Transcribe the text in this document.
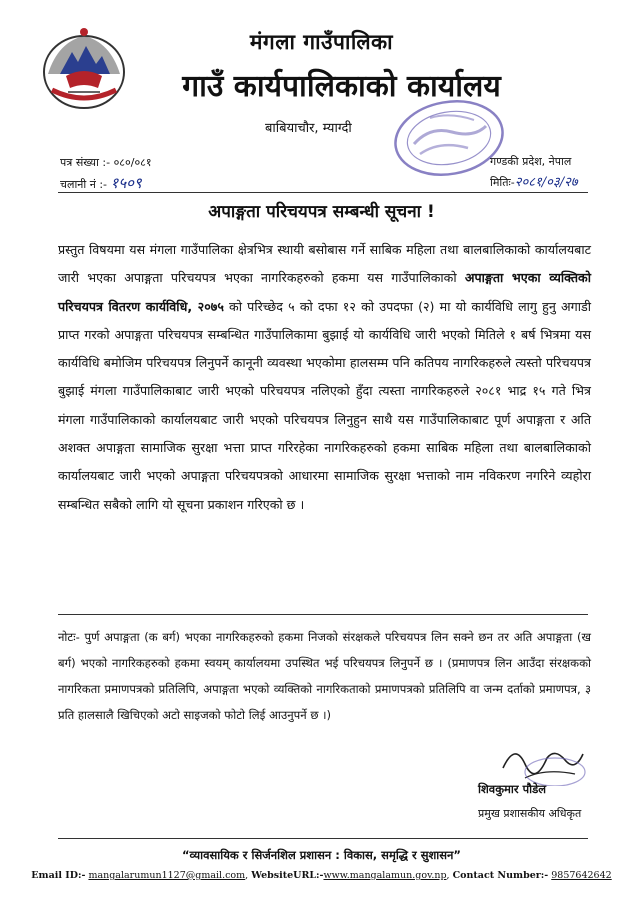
मंगला गाउँपालिका
गाउँ कार्यपालिकाको कार्यालय
बाबियाचौर, म्याग्दी
पत्र संख्या :- ०८०/०८१
चलानी नं :- १५०९
गण्डकी प्रदेश, नेपाल
मितिः-२०८१/०३/२७
अपाङ्गता परिचयपत्र सम्बन्धी सूचना !
प्रस्तुत विषयमा यस मंगला गाउँपालिका क्षेत्रभित्र स्थायी बसोबास गर्ने साबिक महिला तथा बालबालिकाको कार्यालयबाट जारी भएका अपाङ्गता परिचयपत्र भएका नागरिकहरुको हकमा यस गाउँपालिकाको अपाङ्गता भएका व्यक्तिको परिचयपत्र वितरण कार्यविधि, २०७५ को परिच्छेद ५ को दफा १२ को उपदफा (२) मा यो कार्यविधि लागु हुनु अगाडी प्राप्त गरको अपाङ्गता परिचयपत्र सम्बन्धित गाउँपालिकामा बुझाई यो कार्यविधि जारी भएको मितिले १ बर्ष भित्रमा यस कार्यविधि बमोजिम परिचयपत्र लिनुपर्ने कानूनी व्यवस्था भएकोमा हालसम्म पनि कतिपय नागरिकहरुले त्यस्तो परिचयपत्र बुझाई मंगला गाउँपालिकाबाट जारी भएको परिचयपत्र नलिएको हुँदा त्यस्ता नागरिकहरुले २०८१ भाद्र १५ गते भित्र मंगला गाउँपालिकाको कार्यालयबाट जारी भएको परिचयपत्र लिनुहुन साथै यस गाउँपालिकाबाट पूर्ण अपाङ्गता र अति अशक्त अपाङ्गता सामाजिक सुरक्षा भत्ता प्राप्त गरिरहेका नागरिकहरुको हकमा साबिक महिला तथा बालबालिकाको कार्यालयबाट जारी भएको अपाङ्गता परिचयपत्रको आधारमा सामाजिक सुरक्षा भत्ताको नाम नविकरण नगरिने व्यहोरा सम्बन्धित सबैको लागि यो सूचना प्रकाशन गरिएको छ ।
नोटः- पुर्ण अपाङ्गता (क बर्ग) भएका नागरिकहरुको हकमा निजको संरक्षकले परिचयपत्र लिन सक्ने छन तर अति अपाङ्गता (ख बर्ग) भएको नागरिकहरुको हकमा स्वयम् कार्यालयमा उपस्थित भई परिचयपत्र लिनुपर्ने छ । (प्रमाणपत्र लिन आउँदा संरक्षकको नागरिकता प्रमाणपत्रको प्रतिलिपि, अपाङ्गता भएको व्यक्तिको नागरिकताको प्रमाणपत्रको प्रतिलिपि वा जन्म दर्ताको प्रमाणपत्र, ३ प्रति हालसालै खिचिएको अटो साइजको फोटो लिई आउनुपर्ने छ ।)
शिवकुमार पौडेल
प्रमुख प्रशासकीय अधिकृत
“व्यावसायिक र सिर्जनशिल प्रशासन : विकास, समृद्धि र सुशासन”
Email ID:- mangalarumun1127@gmail.com, WebsiteURL:-www.mangalamun.gov.np, Contact Number:- 9857642642
